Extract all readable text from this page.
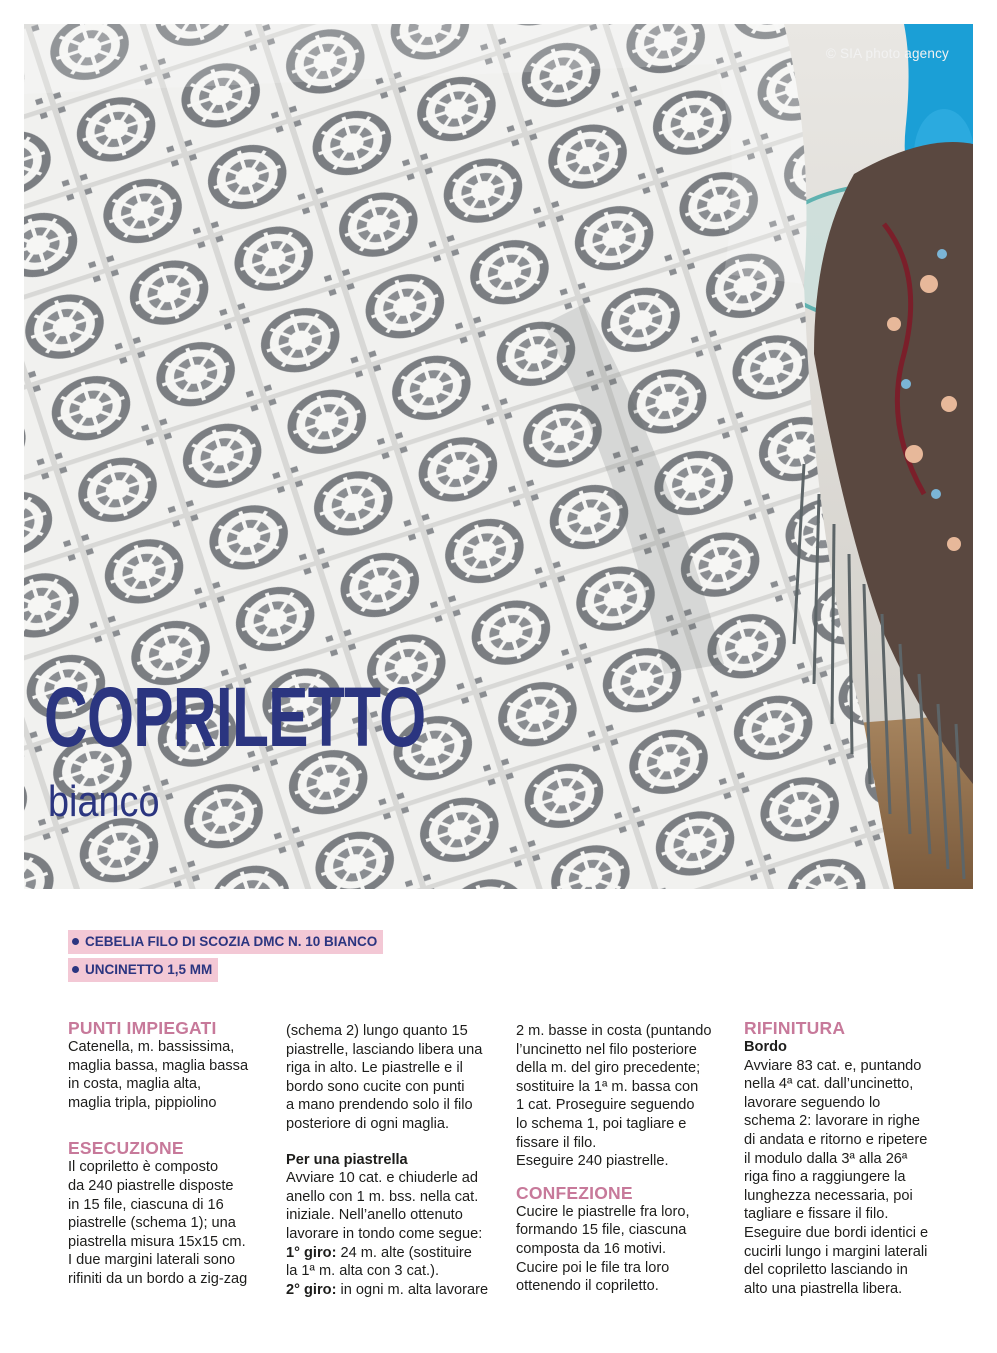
© SIA photo agency
COPRILETTO
bianco
CEBELIA FILO DI SCOZIA DMC N. 10 BIANCO
UNCINETTO 1,5 MM

PUNTI IMPIEGATI

Catenella, m. bassissima,

maglia bassa, maglia bassa

in costa, maglia alta,

maglia tripla, pippiolino

ESECUZIONE

Il copriletto è composto

da 240 piastrelle disposte

in 15 file, ciascuna di 16

piastrelle (schema 1); una

piastrella misura 15x15 cm.

I due margini laterali sono

rifiniti da un bordo a zig-zag

(schema 2) lungo quanto 15

piastrelle, lasciando libera una

riga in alto. Le piastrelle e il

bordo sono cucite con punti

a mano prendendo solo il filo

posteriore di ogni maglia.

Per una piastrella

Avviare 10 cat. e chiuderle ad

anello con 1 m. bss. nella cat.

iniziale. Nell’anello ottenuto

lavorare in tondo come segue:

1° giro: 24 m. alte (sostituire

la 1ª m. alta con 3 cat.).

2° giro: in ogni m. alta lavorare

2 m. basse in costa (puntando

l’uncinetto nel filo posteriore

della m. del giro precedente;

sostituire la 1ª m. bassa con

1 cat. Proseguire seguendo

lo schema 1, poi tagliare e

fissare il filo.

Eseguire 240 piastrelle.

CONFEZIONE

Cucire le piastrelle fra loro,

formando 15 file, ciascuna

composta da 16 motivi.

Cucire poi le file tra loro

ottenendo il copriletto.

RIFINITURA

Bordo

Avviare 83 cat. e, puntando

nella 4ª cat. dall’uncinetto,

lavorare seguendo lo

schema 2: lavorare in righe

di andata e ritorno e ripetere

il modulo dalla 3ª alla 26ª

riga fino a raggiungere la

lunghezza necessaria, poi

tagliare e fissare il filo.

Eseguire due bordi identici e

cucirli lungo i margini laterali

del copriletto lasciando in

alto una piastrella libera.
